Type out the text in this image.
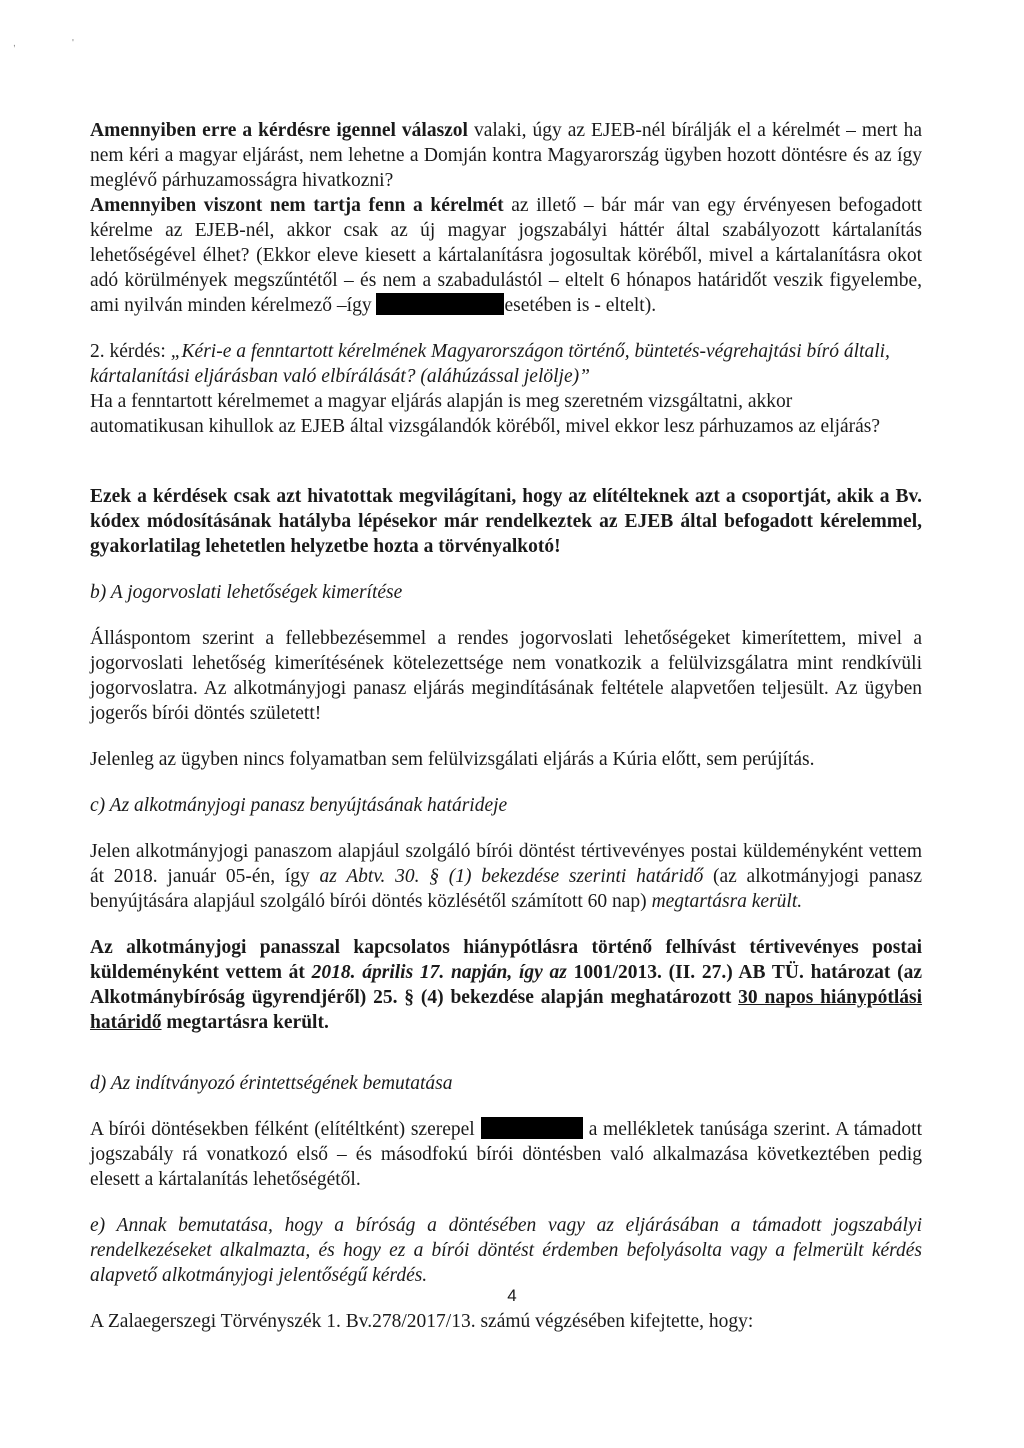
,	'

Amennyiben erre a kérdésre igennel válaszol valaki, úgy az EJEB-nél bírálják el a kérelmét – mert ha nem kéri a magyar eljárást, nem lehetne a Domján kontra Magyarország ügyben hozott döntésre és az így meglévő párhuzamosságra hivatkozni?

Amennyiben viszont nem tartja fenn a kérelmét az illető – bár már van egy érvényesen befogadott kérelme az EJEB-nél, akkor csak az új magyar jogszabályi háttér által szabályozott kártalanítás lehetőségével élhet? (Ekkor eleve kiesett a kártalanításra jogosultak köréből, mivel a kártalanításra okot adó körülmények megszűntétől – és nem a szabadulástól – eltelt 6 hónapos határidőt veszik figyelembe, ami nyilván minden kérelmező –így	esetében is - eltelt).

2. kérdés: „Kéri-e a fenntartott kérelmének Magyarországon történő, büntetés-végrehajtási bíró általi, kártalanítási eljárásban való elbírálását? (aláhúzással jelölje)”

Ha a fenntartott kérelmemet a magyar eljárás alapján is meg szeretném vizsgáltatni, akkor

automatikusan kihullok az EJEB által vizsgálandók köréből, mivel ekkor lesz párhuzamos az eljárás?

Ezek a kérdések csak azt hivatottak megvilágítani, hogy az elítélteknek azt a csoportját, akik a Bv. kódex módosításának hatályba lépésekor már rendelkeztek az EJEB által befogadott kérelemmel, gyakorlatilag lehetetlen helyzetbe hozta a törvényalkotó!

b) A jogorvoslati lehetőségek kimerítése

Álláspontom szerint a fellebbezésemmel a rendes jogorvoslati lehetőségeket kimerítettem, mivel a jogorvoslati lehetőség kimerítésének kötelezettsége nem vonatkozik a felülvizsgálatra mint rendkívüli jogorvoslatra. Az alkotmányjogi panasz eljárás megindításának feltétele alapvetően teljesült. Az ügyben jogerős bírói döntés született!

Jelenleg az ügyben nincs folyamatban sem felülvizsgálati eljárás a Kúria előtt, sem perújítás.

c) Az alkotmányjogi panasz benyújtásának határideje

Jelen alkotmányjogi panaszom alapjául szolgáló bírói döntést tértivevényes postai küldeményként vettem át 2018. január 05-én, így az Abtv. 30. § (1) bekezdése szerinti határidő (az alkotmányjogi panasz benyújtására alapjául szolgáló bírói döntés közlésétől számított 60 nap) megtartásra került.

Az alkotmányjogi panasszal kapcsolatos hiánypótlásra történő felhívást tértivevényes postai küldeményként vettem át 2018. április 17. napján, így az 1001/2013. (II. 27.) AB TÜ. határozat (az Alkotmánybíróság ügyrendjéről) 25. § (4) bekezdése alapján meghatározott 30 napos hiánypótlási határidő megtartásra került.

d) Az indítványozó érintettségének bemutatása

A bírói döntésekben félként (elítéltként) szerepel	a mellékletek tanúsága szerint. A támadott jogszabály rá vonatkozó első – és másodfokú bírói döntésben való alkalmazása következtében pedig elesett a kártalanítás lehetőségétől.

e) Annak bemutatása, hogy a bíróság a döntésében vagy az eljárásában a támadott jogszabályi rendelkezéseket alkalmazta, és hogy ez a bírói döntést érdemben befolyásolta vagy a felmerült kérdés alapvető alkotmányjogi jelentőségű kérdés.

A Zalaegerszegi Törvényszék 1. Bv.278/2017/13. számú végzésében kifejtette, hogy:

4
